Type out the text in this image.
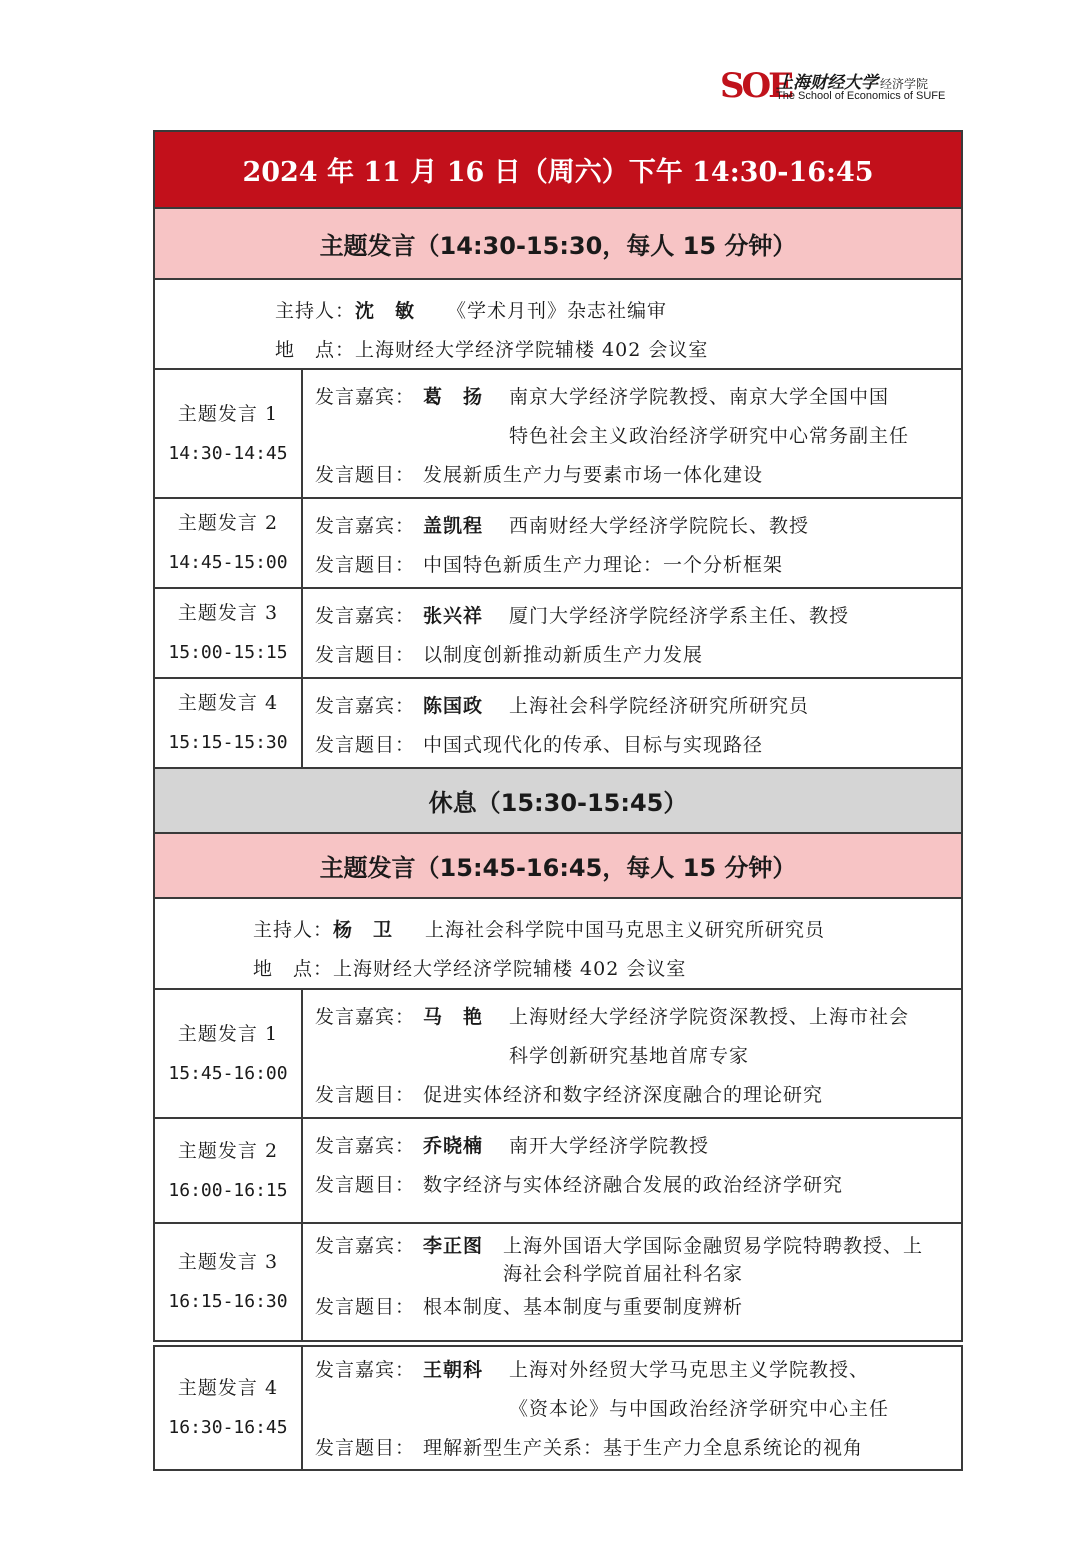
SOE
上海财经大学 经济学院
The School of Economics of SUFE
2024 年 11 月 16 日（周六）下午 14:30-16:45
主题发言（14:30-15:30，每人 15 分钟）
主持人：沈　敏 《学术月刊》杂志社编审
地　点：上海财经大学经济学院辅楼 402 会议室
主题发言 1
14:30-14:45
发言嘉宾： 葛　扬	南京大学经济学院教授、南京大学全国中国
特色社会主义政治经济学研究中心常务副主任
发言题目： 发展新质生产力与要素市场一体化建设
主题发言 2
14:45-15:00
发言嘉宾： 盖凯程	西南财经大学经济学院院长、教授
发言题目： 中国特色新质生产力理论：一个分析框架
主题发言 3
15:00-15:15
发言嘉宾： 张兴祥	厦门大学经济学院经济学系主任、教授
发言题目： 以制度创新推动新质生产力发展
主题发言 4
15:15-15:30
发言嘉宾： 陈国政	上海社会科学院经济研究所研究员
发言题目： 中国式现代化的传承、目标与实现路径
休息（15:30-15:45）
主题发言（15:45-16:45，每人 15 分钟）
主持人：杨　卫 上海社会科学院中国马克思主义研究所研究员
地　点：上海财经大学经济学院辅楼 402 会议室
主题发言 1
15:45-16:00
发言嘉宾： 马　艳	上海财经大学经济学院资深教授、上海市社会
科学创新研究基地首席专家
发言题目： 促进实体经济和数字经济深度融合的理论研究
主题发言 2
16:00-16:15
发言嘉宾： 乔晓楠	南开大学经济学院教授
发言题目： 数字经济与实体经济融合发展的政治经济学研究
主题发言 3
16:15-16:30
发言嘉宾： 李正图	上海外国语大学国际金融贸易学院特聘教授、上
海社会科学院首届社科名家
发言题目： 根本制度、基本制度与重要制度辨析
主题发言 4
16:30-16:45
发言嘉宾： 王朝科	上海对外经贸大学马克思主义学院教授、
《资本论》与中国政治经济学研究中心主任
发言题目： 理解新型生产关系：基于生产力全息系统论的视角
